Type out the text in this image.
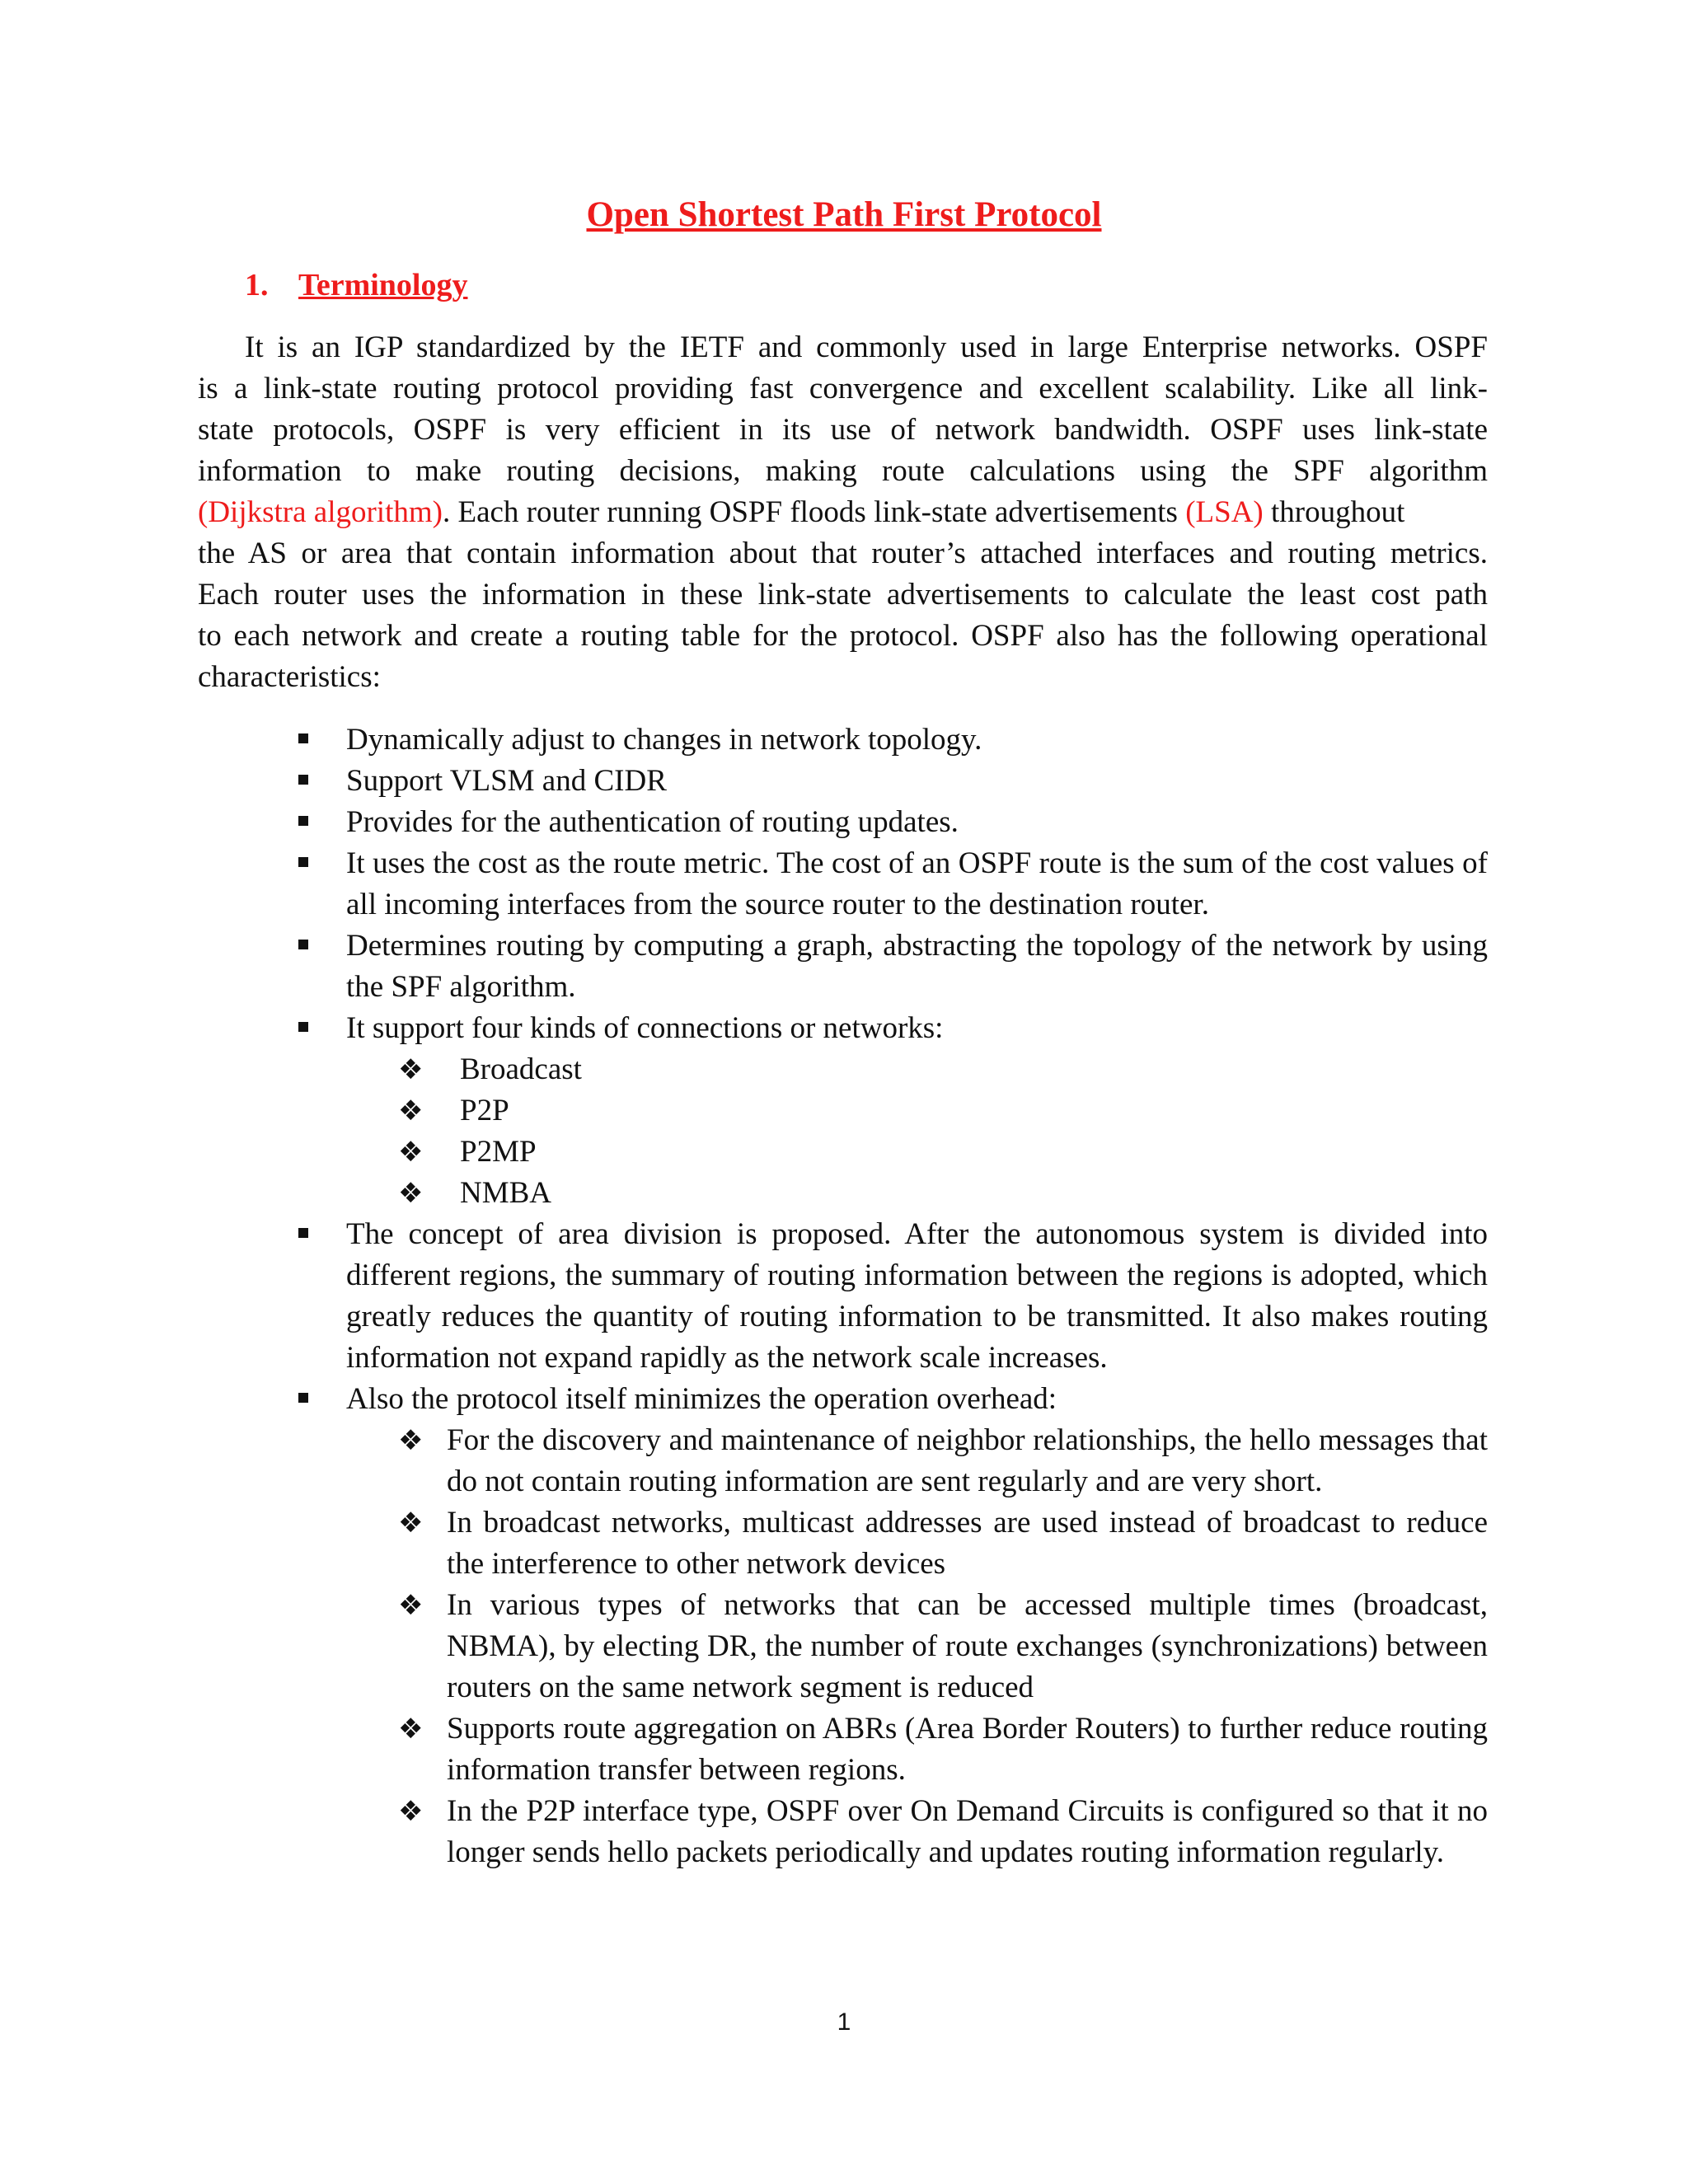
Open Shortest Path First Protocol
1. Terminology
It is an IGP standardized by the IETF and commonly used in large Enterprise networks. OSPF
is a link-state routing protocol providing fast convergence and excellent scalability. Like all link-
state protocols, OSPF is very efficient in its use of network bandwidth. OSPF uses link-state
information to make routing decisions, making route calculations using the SPF algorithm
(Dijkstra algorithm). Each router running OSPF floods link-state advertisements (LSA) throughout
the AS or area that contain information about that router’s attached interfaces and routing metrics.
Each router uses the information in these link-state advertisements to calculate the least cost path
to each network and create a routing table for the protocol. OSPF also has the following operational
characteristics:
Dynamically adjust to changes in network topology.
Support VLSM and CIDR
Provides for the authentication of routing updates.
It uses the cost as the route metric. The cost of an OSPF route is the sum of the cost values of all incoming interfaces from the source router to the destination router.
Determines routing by computing a graph, abstracting the topology of the network by using the SPF algorithm.
It support four kinds of connections or networks:
❖ Broadcast
❖ P2P
❖ P2MP
❖ NMBA
The concept of area division is proposed. After the autonomous system is divided into different regions, the summary of routing information between the regions is adopted, which greatly reduces the quantity of routing information to be transmitted. It also makes routing information not expand rapidly as the network scale increases.
Also the protocol itself minimizes the operation overhead:
❖ For the discovery and maintenance of neighbor relationships, the hello messages that do not contain routing information are sent regularly and are very short.
❖ In broadcast networks, multicast addresses are used instead of broadcast to reduce the interference to other network devices
❖ In various types of networks that can be accessed multiple times (broadcast, NBMA), by electing DR, the number of route exchanges (synchronizations) between routers on the same network segment is reduced
❖ Supports route aggregation on ABRs (Area Border Routers) to further reduce routing information transfer between regions.
❖ In the P2P interface type, OSPF over On Demand Circuits is configured so that it no longer sends hello packets periodically and updates routing information regularly.

1
